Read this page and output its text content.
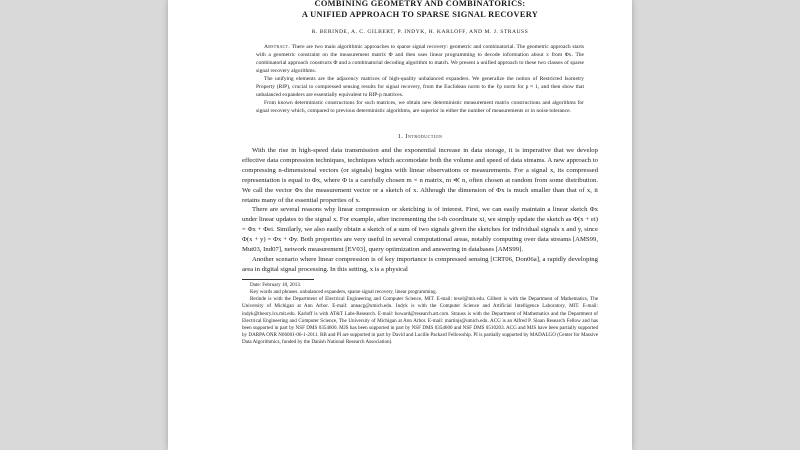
COMBINING GEOMETRY AND COMBINATORICS:
A UNIFIED APPROACH TO SPARSE SIGNAL RECOVERY
R. BERINDE, A. C. GILBERT, P. INDYK, H. KARLOFF, AND M. J. STRAUSS

Abstract. There are two main algorithmic approaches to sparse signal recovery: geometric and combinatorial. The geometric approach starts with a geometric constraint on the measurement matrix Φ and then uses linear programming to decode information about x from Φx. The combinatorial approach constructs Φ and a combinatorial decoding algorithm to match. We present a unified approach to these two classes of sparse signal recovery algorithms.

The unifying elements are the adjacency matrices of high-quality unbalanced expanders. We generalize the notion of Restricted Isometry Property (RIP), crucial to compressed sensing results for signal recovery, from the Euclidean norm to the ℓp norm for p ≈ 1, and then show that unbalanced expanders are essentially equivalent to RIP-p matrices.

From known deterministic constructions for such matrices, we obtain new deterministic measurement matrix constructions and algorithms for signal recovery which, compared to previous deterministic algorithms, are superior in either the number of measurements or in noise tolerance.

1. Introduction

With the rise in high-speed data transmission and the exponential increase in data storage, it is imperative that we develop effective data compression techniques, techniques which accomodate both the volume and speed of data streams. A new approach to compressing n-dimensional vectors (or signals) begins with linear observations or measurements. For a signal x, its compressed representation is equal to Φx, where Φ is a carefully chosen m × n matrix, m ≪ n, often chosen at random from some distribution. We call the vector Φx the measurement vector or a sketch of x. Although the dimension of Φx is much smaller than that of x, it retains many of the essential properties of x.

There are several reasons why linear compression or sketching is of interest. First, we can easily maintain a linear sketch Φx under linear updates to the signal x. For example, after incrementing the i-th coordinate xi, we simply update the sketch as Φ(x + ei) = Φx + Φei. Similarly, we also easily obtain a sketch of a sum of two signals given the sketches for individual signals x and y, since Φ(x + y) = Φx + Φy. Both properties are very useful in several computational areas, notably computing over data streams [AMS99, Mut03, Ind07], network measurement [EV03], query optimization and answering in databases [AMS99].

Another scenario where linear compression is of key importance is compressed sensing [CRT06, Don06a], a rapidly developing area in digital signal processing. In this setting, x is a physical

Date: February 18, 2013.

Key words and phrases. unbalanced expanders, sparse signal recovery, linear programming.

Berinde is with the Department of Electrical Engineering and Computer Science, MIT. E-mail: texel@mit.edu. Gilbert is with the Department of Mathematics, The University of Michigan at Ann Arbor. E-mail: annacg@umich.edu. Indyk is with the Computer Science and Artificial Intelligence Laboratory, MIT. E-mail: indyk@theory.lcs.mit.edu. Karloff is with AT&T Labs-Research. E-mail: howard@research.att.com. Strauss is with the Department of Mathematics and the Department of Electrical Engineering and Computer Science, The University of Michigan at Ann Arbor. E-mail: martinjs@umich.edu. ACG is an Alfred P. Sloan Research Fellow and has been supported in part by NSF DMS 0354600. MJS has been supported in part by NSF DMS 0354600 and NSF DMS 0510203. ACG and MJS have been partially supported by DARPA ONR N66001-06-1-2011. RB and PI are supported in part by David and Lucille Packard Fellowship. PI is partially supported by MADALGO (Center for Massive Data Algorithmics, funded by the Danish National Research Association).
